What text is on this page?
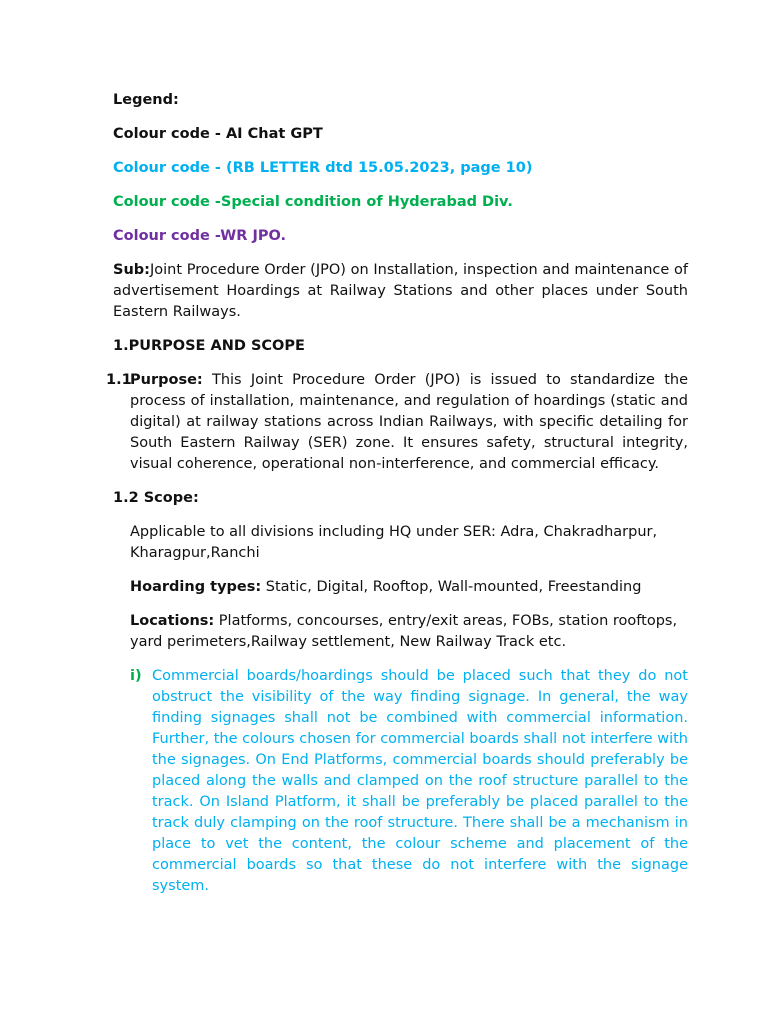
Legend:
Colour code - AI Chat GPT
Colour code - (RB LETTER dtd 15.05.2023, page 10)
Colour code -Special condition of Hyderabad Div.
Colour code -WR JPO.
Sub:Joint Procedure Order (JPO) on Installation, inspection and maintenance of advertisement Hoardings at Railway Stations and other places under South Eastern Railways.
1.PURPOSE AND SCOPE
1.1
Purpose: This Joint Procedure Order (JPO) is issued to standardize the process of installation, maintenance, and regulation of hoardings (static and digital) at railway stations across Indian Railways, with specific detailing for South Eastern Railway (SER) zone. It ensures safety, structural integrity, visual coherence, operational non-interference, and commercial efficacy.
1.2 Scope:
Applicable to all divisions including HQ under SER: Adra, Chakradharpur, Kharagpur,Ranchi
Hoarding types: Static, Digital, Rooftop, Wall-mounted, Freestanding
Locations: Platforms, concourses, entry/exit areas, FOBs, station rooftops, yard perimeters,Railway settlement, New Railway Track etc.
i) Commercial boards/hoardings should be placed such that they do not obstruct the visibility of the way finding signage. In general, the way finding signages shall not be combined with commercial information. Further, the colours chosen for commercial boards shall not interfere with the signages. On End Platforms, commercial boards should preferably be placed along the walls and clamped on the roof structure parallel to the track. On Island Platform, it shall be preferably be placed parallel to the track duly clamping on the roof structure. There shall be a mechanism in place to vet the content, the colour scheme and placement of the commercial boards so that these do not interfere with the signage system.
